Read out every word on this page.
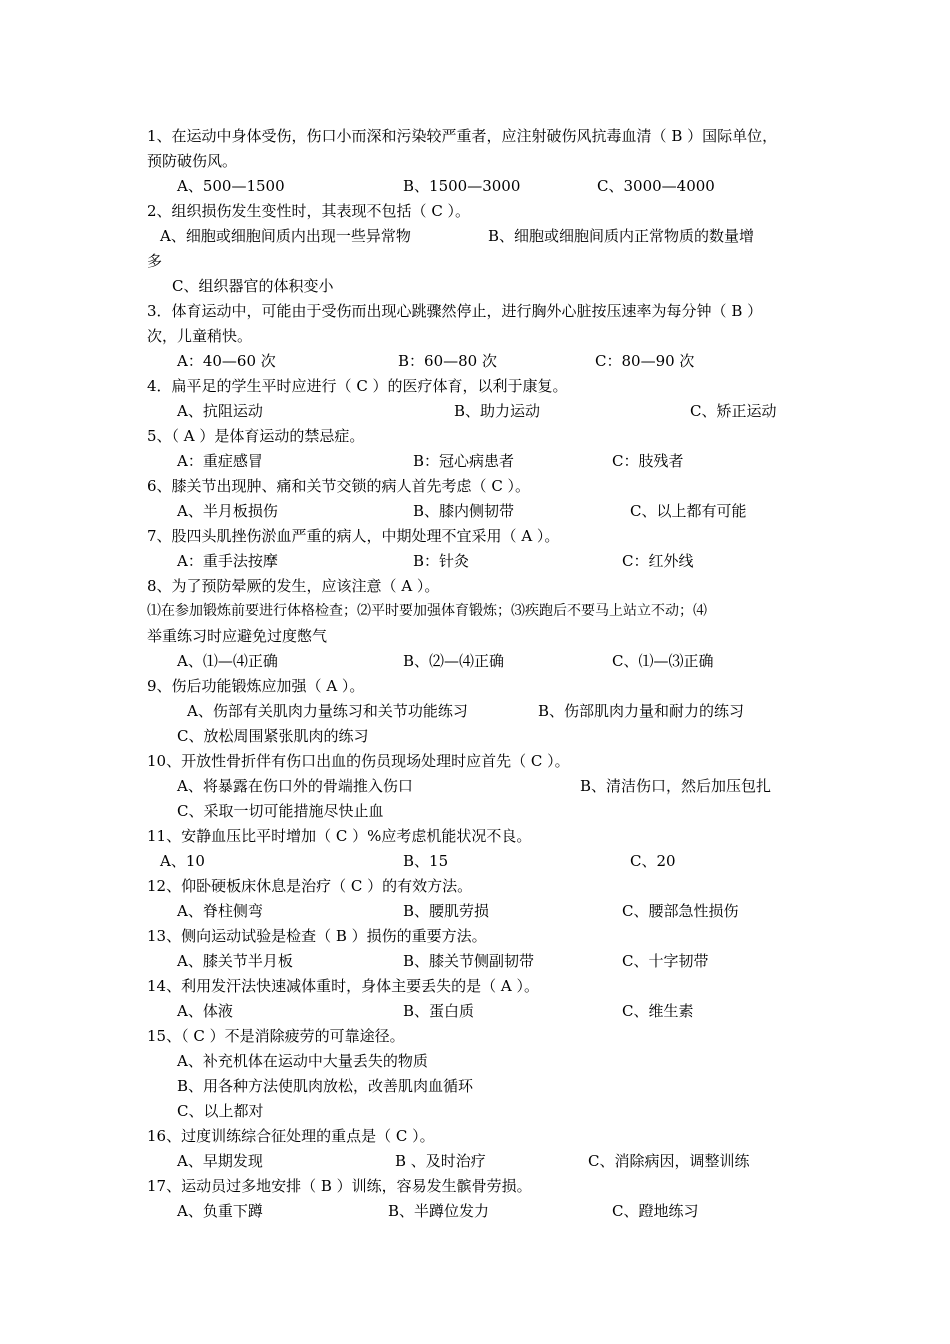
1、在运动中身体受伤，伤口小而深和污染较严重者，应注射破伤风抗毒血清（ B ）国际单位，
预防破伤风。
A、500—1500	B、1500—3000	C、3000—4000
2、组织损伤发生变性时，其表现不包括（ C ）。
A、细胞或细胞间质内出现一些异常物	B、细胞或细胞间质内正常物质的数量增
多
C、组织器官的体积变小
3．体育运动中，可能由于受伤而出现心跳骤然停止，进行胸外心脏按压速率为每分钟（ B ）
次，儿童稍快。
A：40—60 次	B：60—80 次	C：80—90 次
4．扁平足的学生平时应进行（ C ）的医疗体育，以利于康复。
A、抗阻运动	B、助力运动	C、矫正运动
5、（ A ）是体育运动的禁忌症。
A：重症感冒	B：冠心病患者	C：肢残者
6、膝关节出现肿、痛和关节交锁的病人首先考虑（ C ）。
A、半月板损伤	B、膝内侧韧带	C、以上都有可能
7、股四头肌挫伤淤血严重的病人，中期处理不宜采用（ A ）。
A：重手法按摩	B：针灸	C：红外线
8、为了预防晕厥的发生，应该注意（ A ）。
⑴在参加锻炼前要进行体格检查；⑵平时要加强体育锻炼；⑶疾跑后不要马上站立不动；⑷
举重练习时应避免过度憋气
A、⑴—⑷正确	B、⑵—⑷正确	C、⑴—⑶正确
9、伤后功能锻炼应加强（ A ）。
A、伤部有关肌肉力量练习和关节功能练习	B、伤部肌肉力量和耐力的练习
C、放松周围紧张肌肉的练习
10、开放性骨折伴有伤口出血的伤员现场处理时应首先（ C ）。
A、将暴露在伤口外的骨端推入伤口	B、清洁伤口，然后加压包扎
C、采取一切可能措施尽快止血
11、安静血压比平时增加（ C ）%应考虑机能状况不良。
A、10	B、15	C、20
12、仰卧硬板床休息是治疗（ C ）的有效方法。
A、脊柱侧弯	B、腰肌劳损	C、腰部急性损伤
13、侧向运动试验是检查（ B ）损伤的重要方法。
A、膝关节半月板	B、膝关节侧副韧带	C、十字韧带
14、利用发汗法快速减体重时，身体主要丢失的是（ A ）。
A、体液	B、蛋白质	C、维生素
15、（ C ）不是消除疲劳的可靠途径。
A、补充机体在运动中大量丢失的物质
B、用各种方法使肌肉放松，改善肌肉血循环
C、以上都对
16、过度训练综合征处理的重点是（ C ）。
A、早期发现	B 、及时治疗	C、消除病因，调整训练
17、运动员过多地安排（ B ）训练，容易发生髌骨劳损。
A、负重下蹲	B、半蹲位发力	C、蹬地练习
